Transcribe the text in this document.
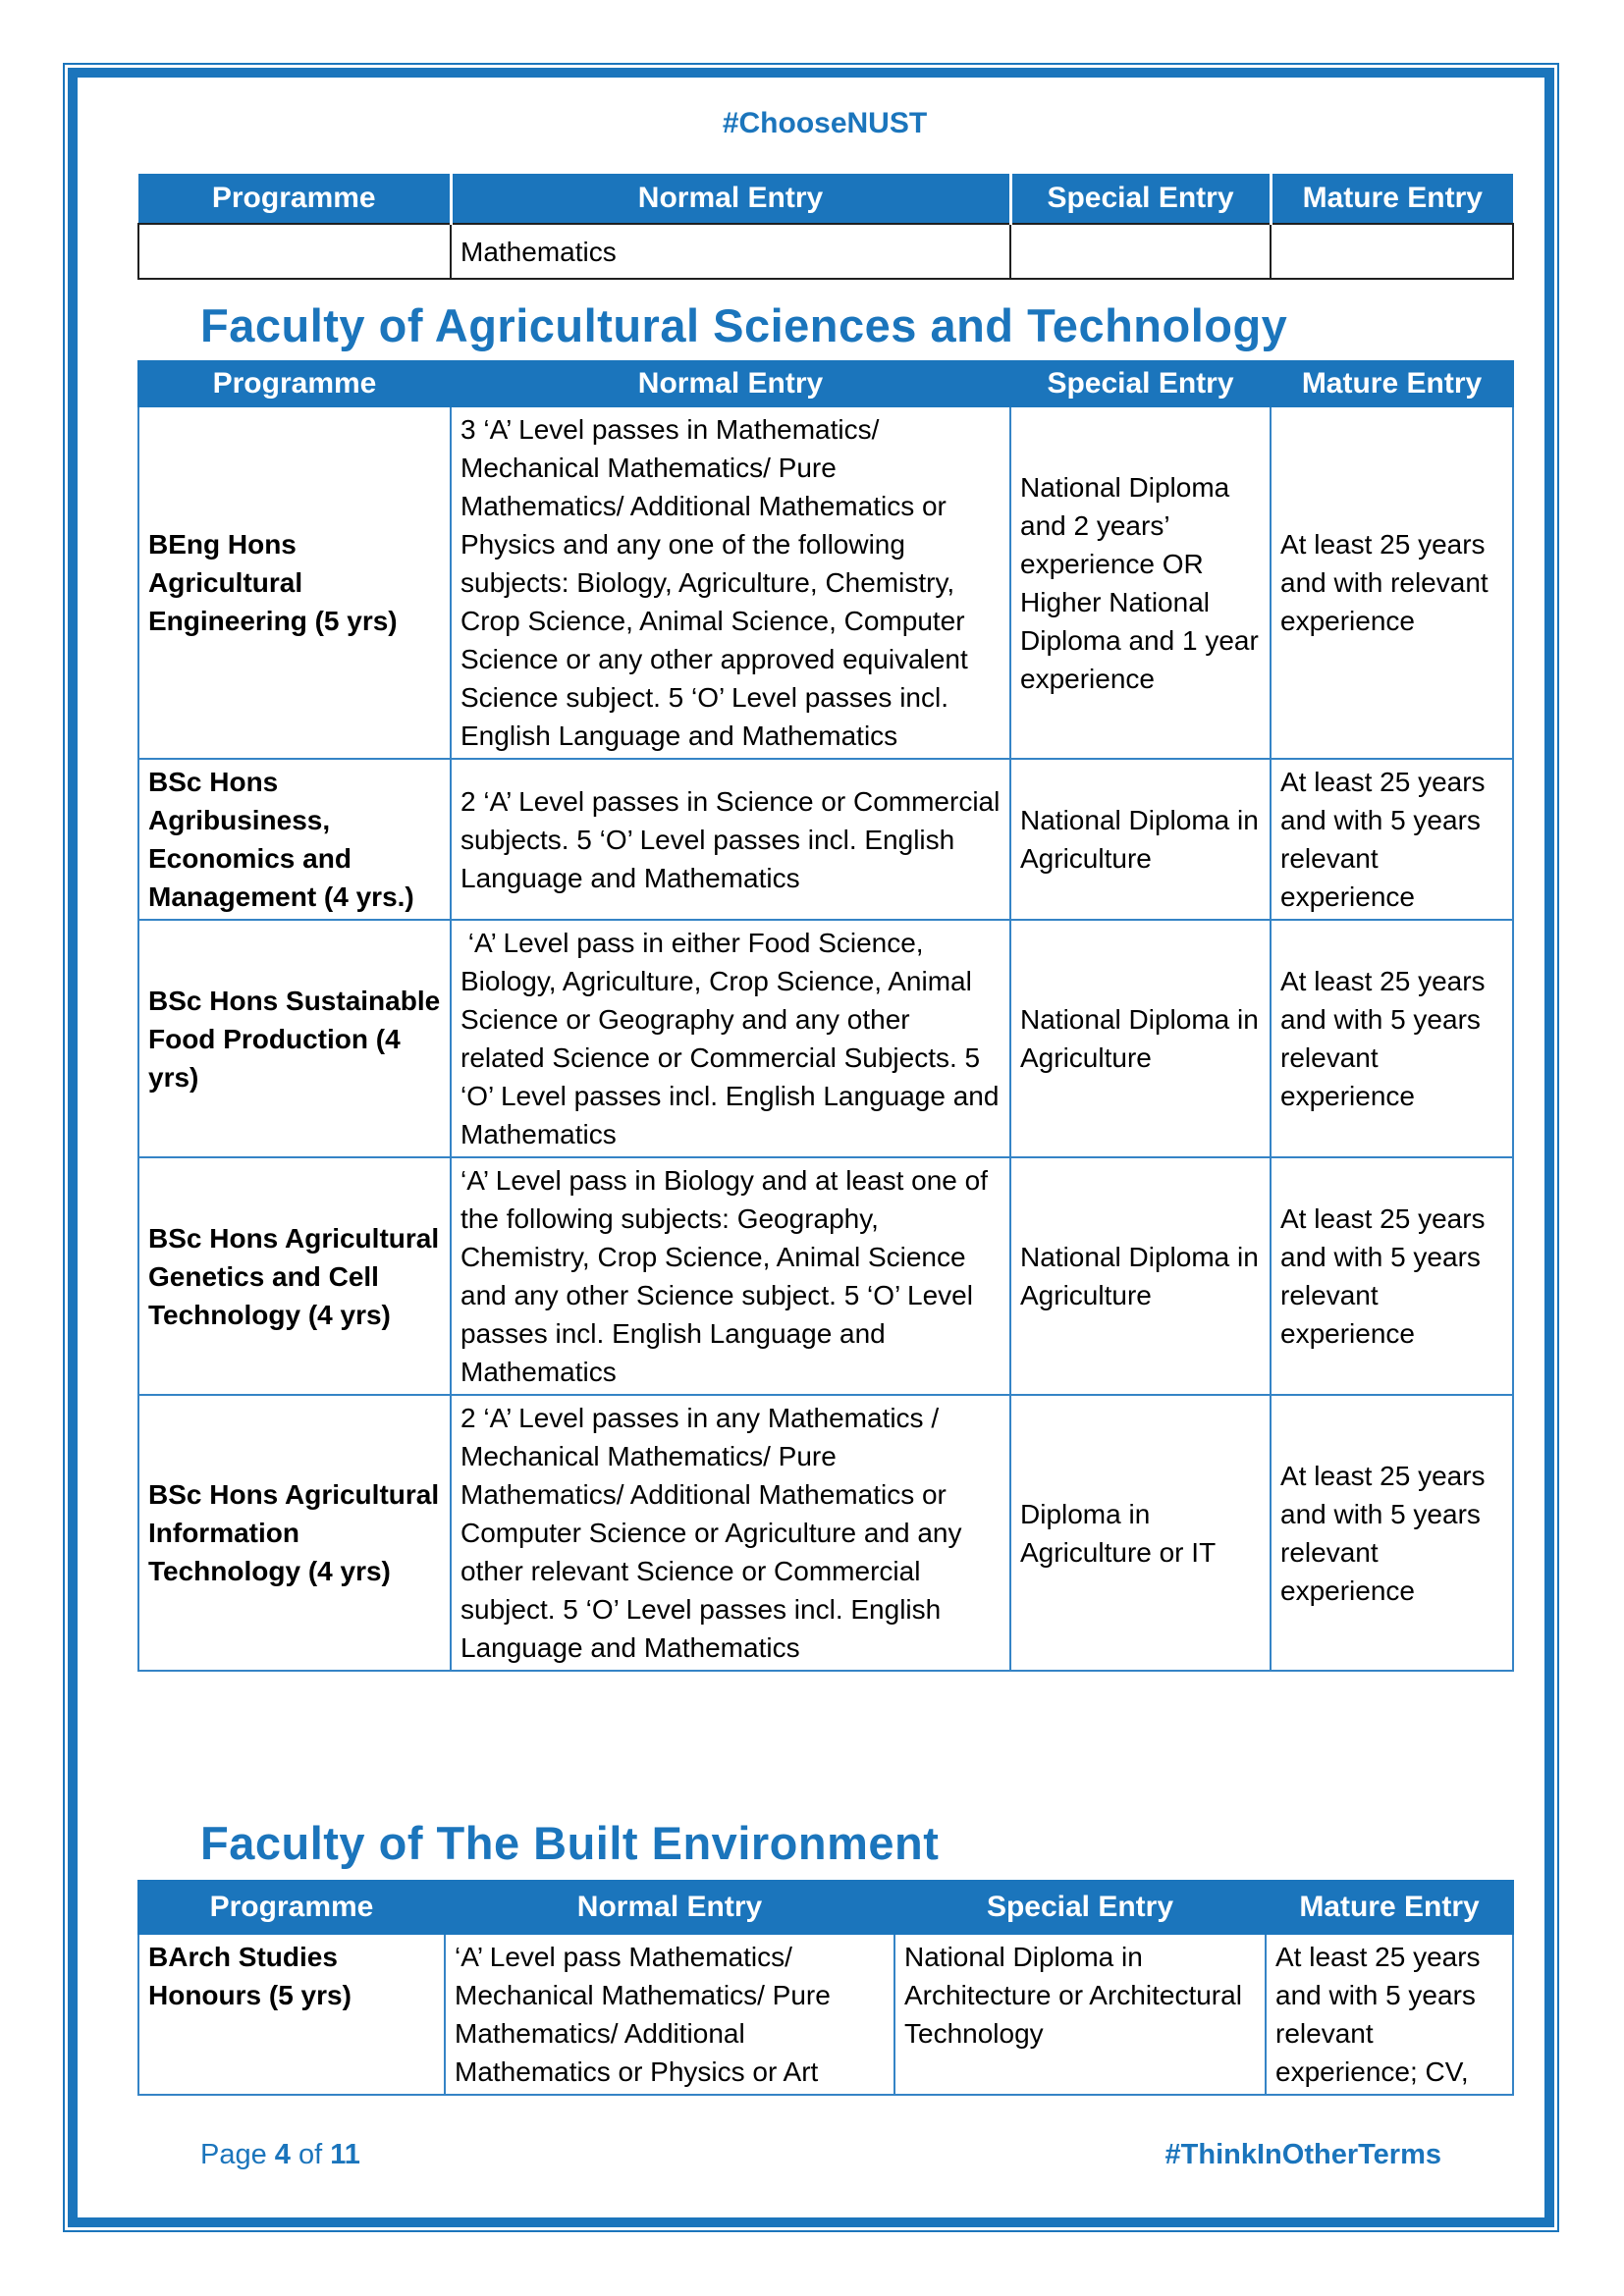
#ChooseNUST
Programme	Normal Entry	Special Entry	Mature Entry
	Mathematics		
Faculty of Agricultural Sciences and Technology
Programme	Normal Entry	Special Entry	Mature Entry
BEng Hons Agricultural Engineering (5 yrs)	3 ‘A’ Level passes in Mathematics/ Mechanical Mathematics/ Pure Mathematics/ Additional Mathematics or Physics and any one of the following subjects: Biology, Agriculture, Chemistry, Crop Science, Animal Science, Computer Science or any other approved equivalent Science subject. 5 ‘O’ Level passes incl. English Language and Mathematics	National Diploma and 2 years’ experience OR Higher National Diploma and 1 year experience	At least 25 years and with relevant experience
BSc Hons Agribusiness, Economics and Management (4 yrs.)	2 ‘A’ Level passes in Science or Commercial subjects. 5 ‘O’ Level passes incl. English Language and Mathematics	National Diploma in Agriculture	At least 25 years and with 5 years relevant experience
BSc Hons Sustainable Food Production (4 yrs)	‘A’ Level pass in either Food Science, Biology, Agriculture, Crop Science, Animal Science or Geography and any other related Science or Commercial Subjects. 5 ‘O’ Level passes incl. English Language and Mathematics	National Diploma in Agriculture	At least 25 years and with 5 years relevant experience
BSc Hons Agricultural Genetics and Cell Technology (4 yrs)	‘A’ Level pass in Biology and at least one of the following subjects: Geography, Chemistry, Crop Science, Animal Science and any other Science subject. 5 ‘O’ Level passes incl. English Language and Mathematics	National Diploma in Agriculture	At least 25 years and with 5 years relevant experience
BSc Hons Agricultural Information Technology (4 yrs)	2 ‘A’ Level passes in any Mathematics / Mechanical Mathematics/ Pure Mathematics/ Additional Mathematics or Computer Science or Agriculture and any other relevant Science or Commercial subject. 5 ‘O’ Level passes incl. English Language and Mathematics	Diploma in Agriculture or IT	At least 25 years and with 5 years relevant experience
Faculty of The Built Environment
Programme	Normal Entry	Special Entry	Mature Entry
BArch Studies Honours (5 yrs)	‘A’ Level pass Mathematics/ Mechanical Mathematics/ Pure Mathematics/ Additional Mathematics or Physics or Art	National Diploma in Architecture or Architectural Technology	At least 25 years and with 5 years relevant experience; CV,
Page 4 of 11	#ThinkInOtherTerms
